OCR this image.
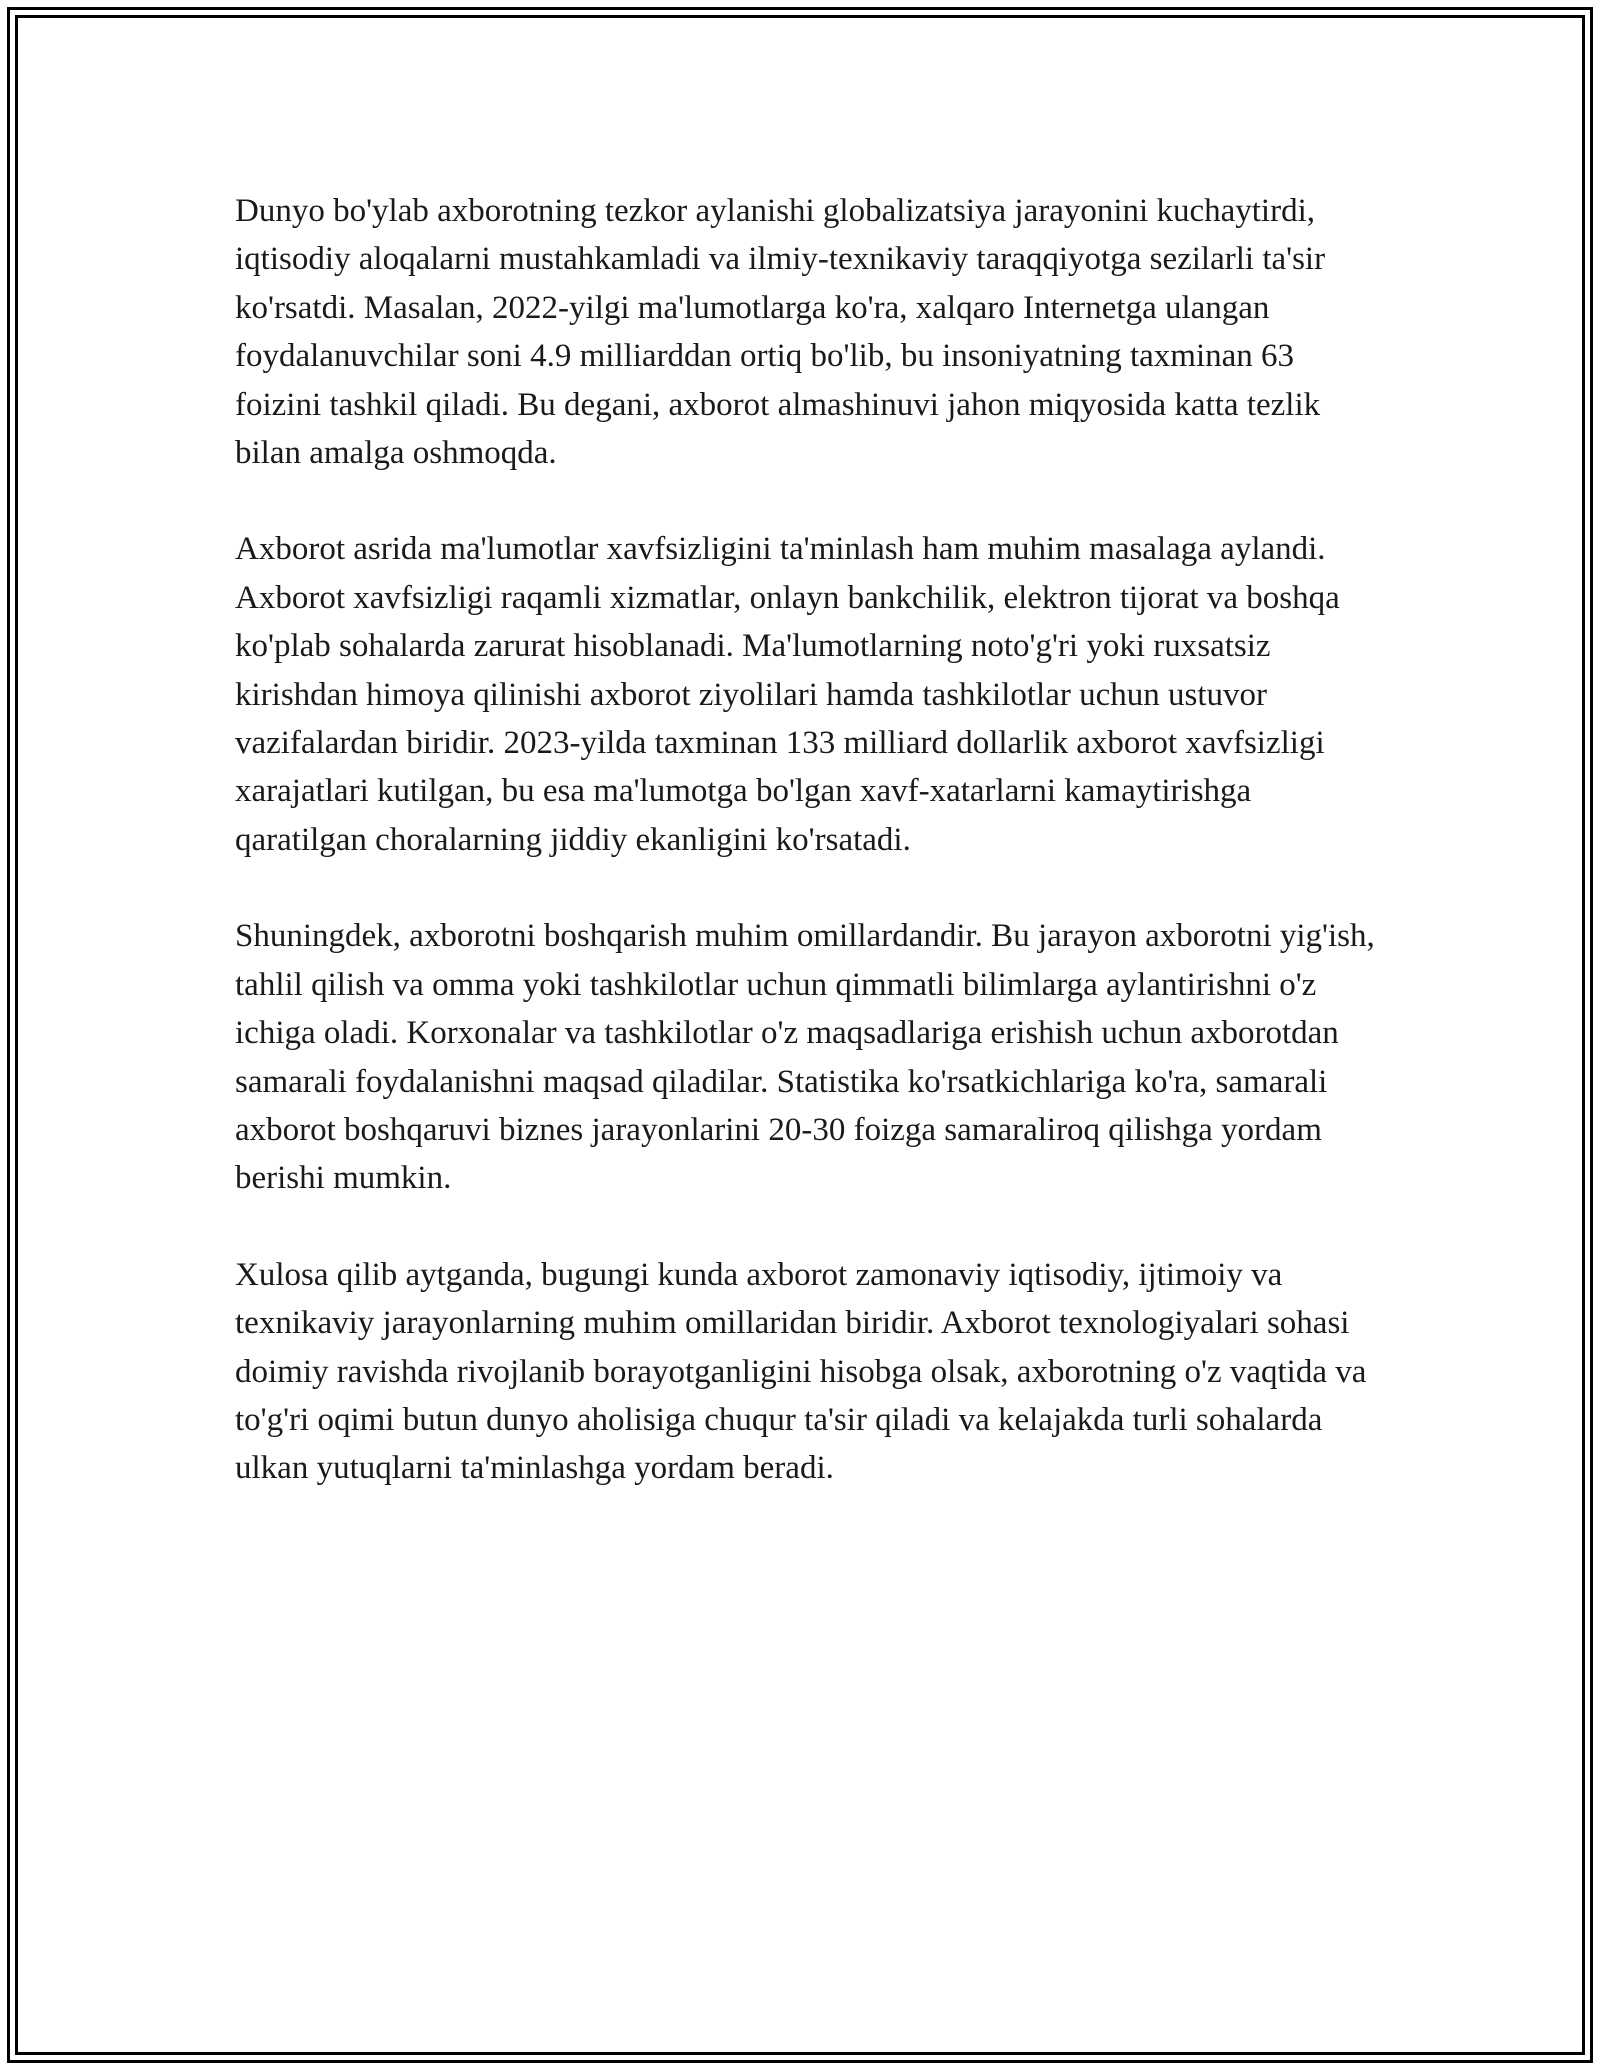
Dunyo bo'ylab axborotning tezkor aylanishi globalizatsiya jarayonini kuchaytirdi, iqtisodiy aloqalarni mustahkamladi va ilmiy-texnikaviy taraqqiyotga sezilarli ta'sir ko'rsatdi. Masalan, 2022-yilgi ma'lumotlarga ko'ra, xalqaro Internetga ulangan foydalanuvchilar soni 4.9 milliarddan ortiq bo'lib, bu insoniyatning taxminan 63 foizini tashkil qiladi. Bu degani, axborot almashinuvi jahon miqyosida katta tezlik bilan amalga oshmoqda.

Axborot asrida ma'lumotlar xavfsizligini ta'minlash ham muhim masalaga aylandi. Axborot xavfsizligi raqamli xizmatlar, onlayn bankchilik, elektron tijorat va boshqa ko'plab sohalarda zarurat hisoblanadi. Ma'lumotlarning noto'g'ri yoki ruxsatsiz kirishdan himoya qilinishi axborot ziyolilari hamda tashkilotlar uchun ustuvor vazifalardan biridir. 2023-yilda taxminan 133 milliard dollarlik axborot xavfsizligi xarajatlari kutilgan, bu esa ma'lumotga bo'lgan xavf-xatarlarni kamaytirishga qaratilgan choralarning jiddiy ekanligini ko'rsatadi.

Shuningdek, axborotni boshqarish muhim omillardandir. Bu jarayon axborotni yig'ish, tahlil qilish va omma yoki tashkilotlar uchun qimmatli bilimlarga aylantirishni o'z ichiga oladi. Korxonalar va tashkilotlar o'z maqsadlariga erishish uchun axborotdan samarali foydalanishni maqsad qiladilar. Statistika ko'rsatkichlariga ko'ra, samarali axborot boshqaruvi biznes jarayonlarini 20-30 foizga samaraliroq qilishga yordam berishi mumkin.

Xulosa qilib aytganda, bugungi kunda axborot zamonaviy iqtisodiy, ijtimoiy va texnikaviy jarayonlarning muhim omillaridan biridir. Axborot texnologiyalari sohasi doimiy ravishda rivojlanib borayotganligini hisobga olsak, axborotning o'z vaqtida va to'g'ri oqimi butun dunyo aholisiga chuqur ta'sir qiladi va kelajakda turli sohalarda ulkan yutuqlarni ta'minlashga yordam beradi.
